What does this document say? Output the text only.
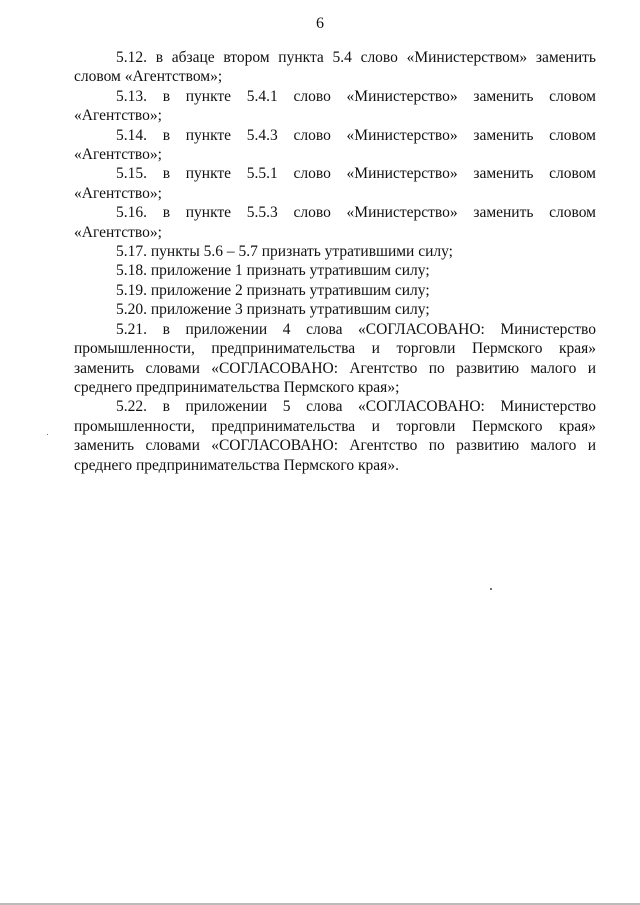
6

5.12. в абзаце втором пункта 5.4 слово «Министерством» заменить словом «Агентством»;

5.13. в пункте 5.4.1 слово «Министерство» заменить словом «Агентство»;

5.14. в пункте 5.4.3 слово «Министерство» заменить словом «Агентство»;

5.15. в пункте 5.5.1 слово «Министерство» заменить словом «Агентство»;

5.16. в пункте 5.5.3 слово «Министерство» заменить словом «Агентство»;

5.17. пункты 5.6 – 5.7 признать утратившими силу;

5.18. приложение 1 признать утратившим силу;

5.19. приложение 2 признать утратившим силу;

5.20. приложение 3 признать утратившим силу;

5.21. в приложении 4 слова «СОГЛАСОВАНО: Министерство промышленности, предпринимательства и торговли Пермского края» заменить словами «СОГЛАСОВАНО: Агентство по развитию малого и среднего предпринимательства Пермского края»;

5.22. в приложении 5 слова «СОГЛАСОВАНО: Министерство промышленности, предпринимательства и торговли Пермского края» заменить словами «СОГЛАСОВАНО: Агентство по развитию малого и среднего предпринимательства Пермского края».
